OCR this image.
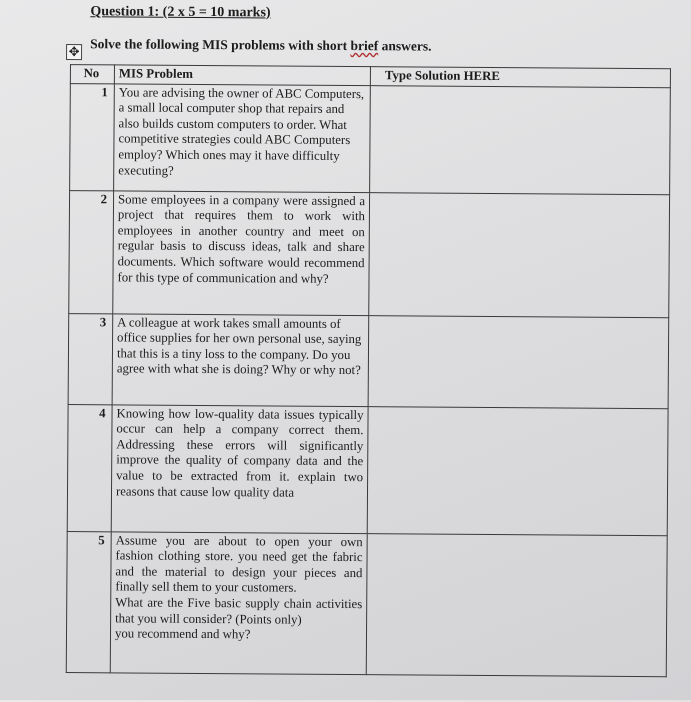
Question 1: (2 x 5 = 10 marks)
Solve the following MIS problems with short brief answers.
✥
No	MIS Problem	Type Solution HERE
1	You are advising the owner of ABC Computers, a small local computer shop that repairs and also builds custom computers to order. What competitive strategies could ABC Computers employ? Which ones may it have difficulty executing?	
2	Some employees in a company were assigned a project that requires them to work with employees in another country and meet on regular basis to discuss ideas, talk and share documents. Which software would recommend for this type of communication and why?	
3	A colleague at work takes small amounts of office supplies for her own personal use, saying that this is a tiny loss to the company. Do you agree with what she is doing? Why or why not?	
4	Knowing how low-quality data issues typically occur can help a company correct them. Addressing these errors will significantly improve the quality of company data and the value to be extracted from it. explain two reasons that cause low quality data	
5	Assume you are about to open your own fashion clothing store. you need get the fabric and the material to design your pieces and finally sell them to your customers.
What are the Five basic supply chain activities that you will consider? (Points only)
you recommend and why?	
